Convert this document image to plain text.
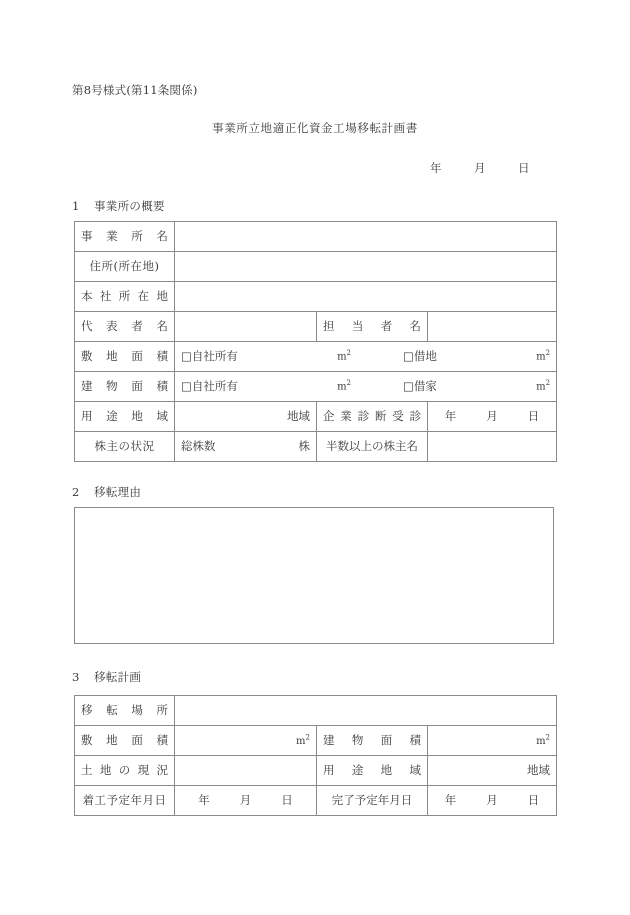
第8号様式(第11条関係)
事業所立地適正化資金工場移転計画書
年	月	日
1 事業所の概要
事業所名			
住所(所在地)			
本社所在地			
代表者名		担当者名	
敷地面積	□自社所有 $m^2$ □借地 $m^2$

建物面積	□自社所有 $m^2$ □借家 $m^2$

用途地域	地域	企業診断受診	年 月 日

株主の状況	総株数 株	半数以上の株主名	
2 移転理由
3 移転計画
移転場所			
敷地面積	$m^2$	建物面積	$m^2$
土地の現況		用途地域	地域
着工予定年月日	年 月 日	完了予定年月日	年 月 日
